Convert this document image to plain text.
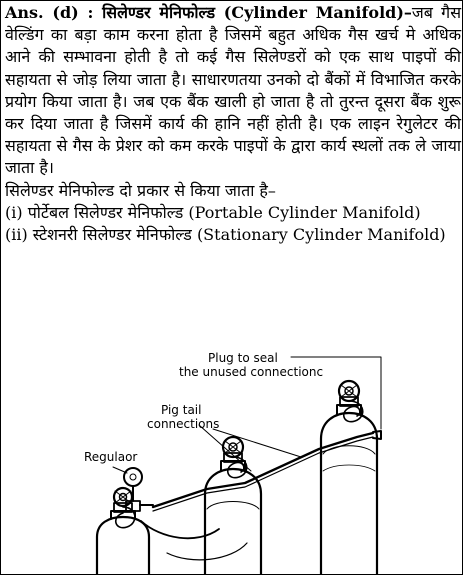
Ans. (d) : सिलेण्डर मेनिफोल्ड (Cylinder Manifold)–जब गैस वेल्डिंग का बड़ा काम करना होता है जिसमें बहुत अधिक गैस खर्च मे अधिक आने की सम्भावना होती है तो कई गैस सिलेण्डरों को एक साथ पाइपों की सहायता से जोड़ लिया जाता है। साधारणतया उनको दो बैंकों में विभाजित करके प्रयोग किया जाता है। जब एक बैंक खाली हो जाता है तो तुरन्त दूसरा बैंक शुरू कर दिया जाता है जिसमें कार्य की हानि नहीं होती है। एक लाइन रेगुलेटर की सहायता से गैस के प्रेशर को कम करके पाइपों के द्वारा कार्य स्थलों तक ले जाया जाता है।

सिलेण्डर मेनिफोल्ड दो प्रकार से किया जाता है–

(i) पोर्टेबल सिलेण्डर मेनिफोल्ड (Portable Cylinder Manifold)

(ii) स्टेशनरी सिलेण्डर मेनिफोल्ड (Stationary Cylinder Manifold)

Plug to seal
the unused connectionc
Pig tail
connections
Regulaor
